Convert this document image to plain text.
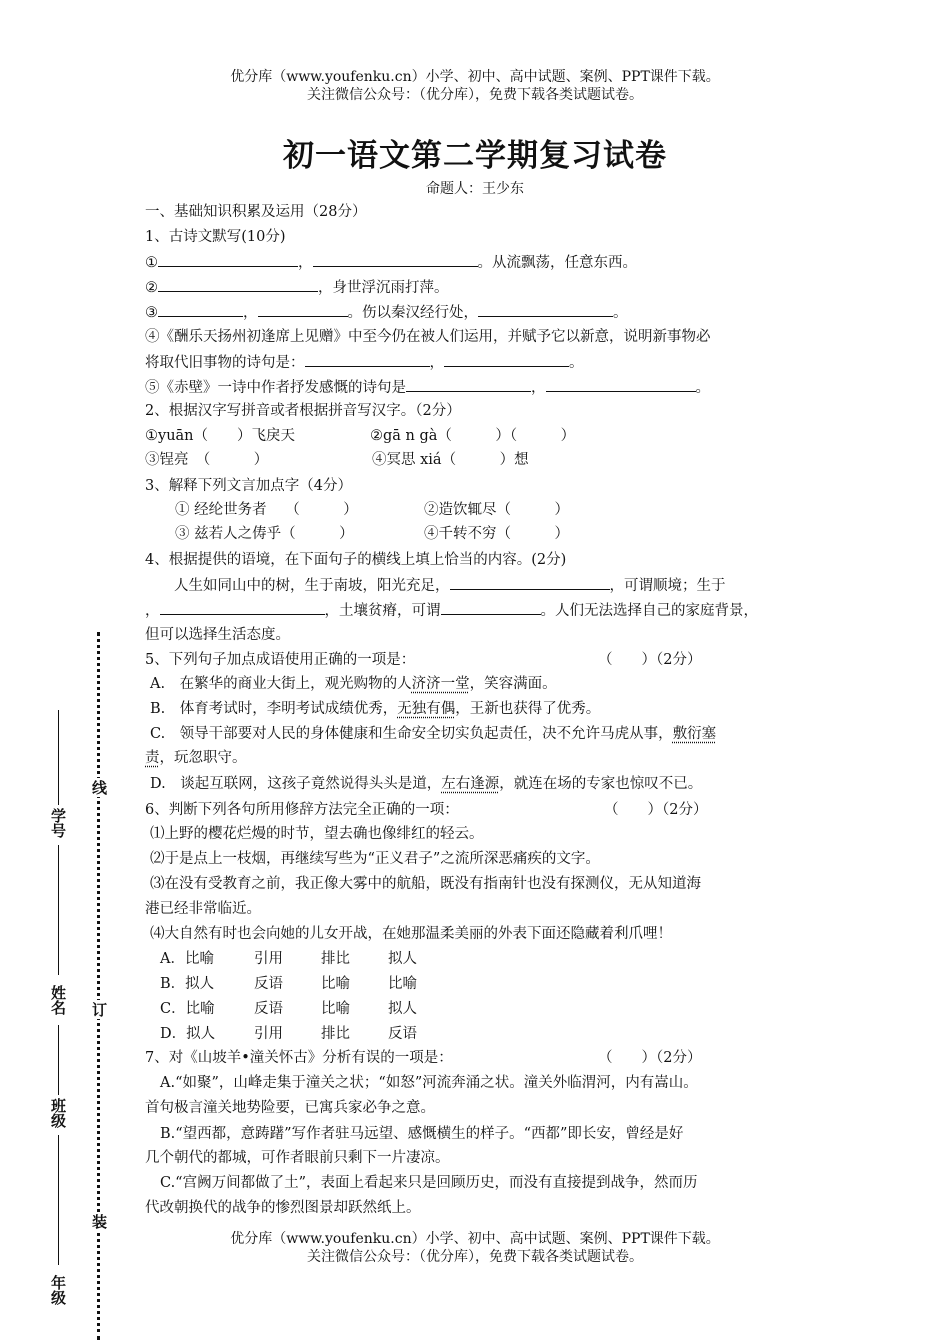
优分库（www.youfenku.cn）小学、初中、高中试题、案例、PPT课件下载。
关注微信公众号：（优分库），免费下载各类试题试卷。
初一语文第二学期复习试卷
命题人：王少东
一、基础知识积累及运用（28分）
1、古诗文默写(10分)
①	，	。从流飘荡，任意东西。
②	，身世浮沉雨打萍。
③	，	。伤以秦汉经行处，	。
④《酬乐天扬州初逢席上见赠》中至今仍在被人们运用，并赋予它以新意，说明新事物必
将取代旧事物的诗句是：	，	。
⑤《赤壁》一诗中作者抒发感慨的诗句是	，	。
2、根据汉字写拼音或者根据拼音写汉字。（2分）
①yuān（　　）飞戾天	②gā n gà（　　　）（　　　）
③锃亮　（　　　）	④冥思 xiá（　　　）想
3、解释下列文言加点字（4分）
① 经纶世务者 （　　　）	②造饮辄尽（　　　）
③ 兹若人之俦乎（　　　）	④千转不穷（　　　）
4、根据提供的语境，在下面句子的横线上填上恰当的内容。(2分)
人生如同山中的树，生于南坡，阳光充足，	，可谓顺境；生于
，	，土壤贫瘠，可谓	。人们无法选择自己的家庭背景，
但可以选择生活态度。
5、下列句子加点成语使用正确的一项是：	（　　）（2分）
A.　在繁华的商业大街上，观光购物的人济济一堂，笑容满面。
B.　体育考试时，李明考试成绩优秀，无独有偶，王新也获得了优秀。
C.　领导干部要对人民的身体健康和生命安全切实负起责任，决不允许马虎从事，敷衍塞
责，玩忽职守。
D.　谈起互联网，这孩子竟然说得头头是道，左右逢源，就连在场的专家也惊叹不已。
6、判断下列各句所用修辞方法完全正确的一项：	（　　）（2分）
⑴上野的樱花烂熳的时节，望去确也像绯红的轻云。
⑵于是点上一枝烟，再继续写些为“正义君子”之流所深恶痛疾的文字。
⑶在没有受教育之前，我正像大雾中的航船，既没有指南针也没有探测仪，无从知道海
港已经非常临近。
⑷大自然有时也会向她的儿女开战，在她那温柔美丽的外表下面还隐藏着利爪哩！
A．比喻	引用	排比	拟人
B．拟人	反语	比喻	比喻
C．比喻	反语	比喻	拟人
D．拟人	引用	排比	反语
7、对《山坡羊•潼关怀古》分析有误的一项是：	（　　）（2分）
A.“如聚”，山峰走集于潼关之状；“如怒”河流奔涌之状。潼关外临渭河，内有嵩山。
首句极言潼关地势险要，已寓兵家必争之意。
B.“望西都，意踌躇”写作者驻马远望、感慨横生的样子。“西都”即长安，曾经是好
几个朝代的都城，可作者眼前只剩下一片凄凉。
C.“宫阙万间都做了土”，表面上看起来只是回顾历史，而没有直接提到战争，然而历
代改朝换代的战争的惨烈图景却跃然纸上。
优分库（www.youfenku.cn）小学、初中、高中试题、案例、PPT课件下载。
关注微信公众号：（优分库），免费下载各类试题试卷。
线
订
装
学号
姓名
班级
年级
